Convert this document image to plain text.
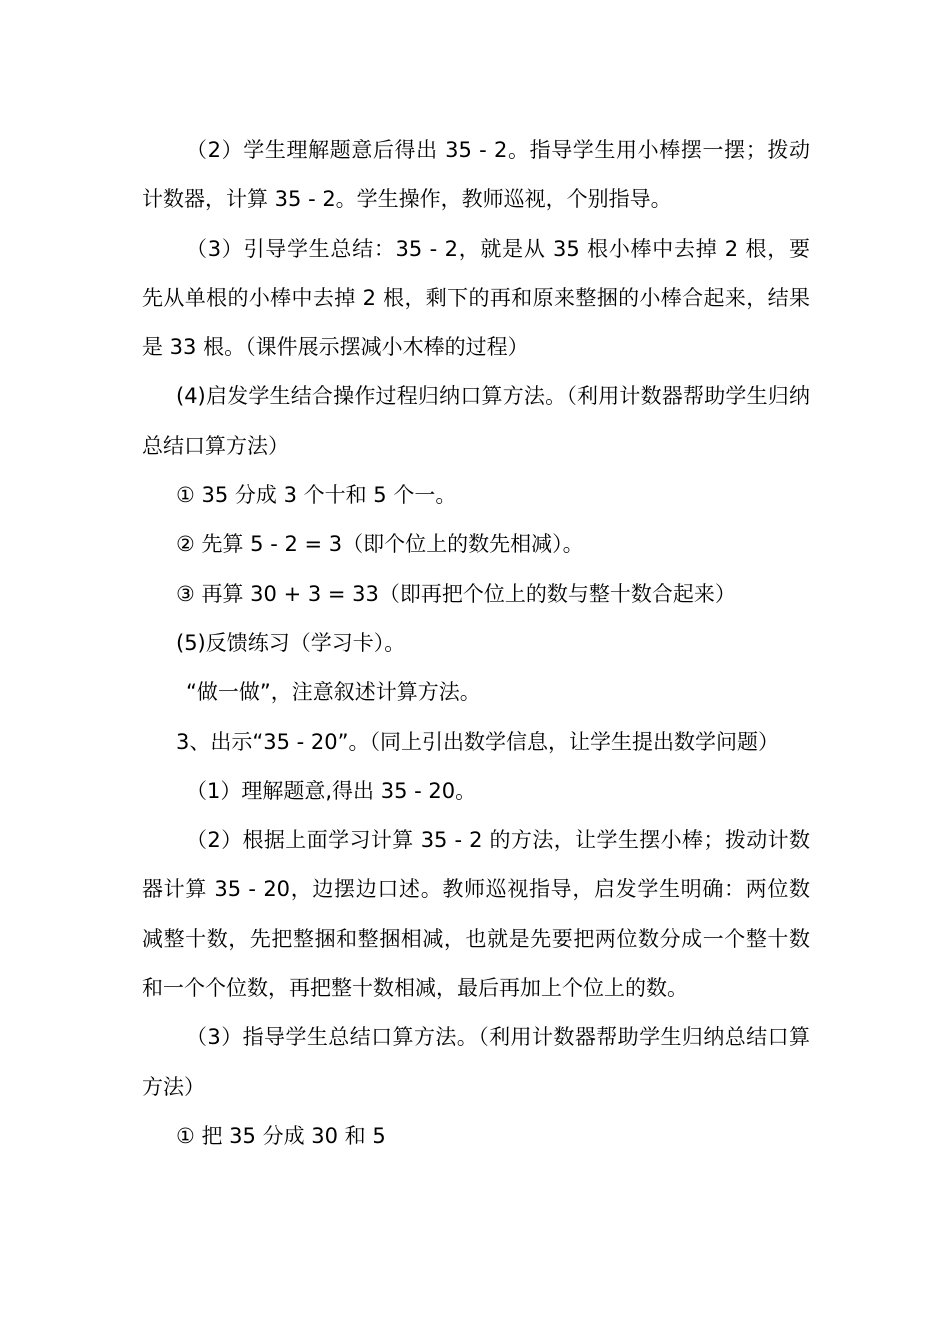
（2）学生理解题意后得出 35 - 2。指导学生用小棒摆一摆；拨动计数器，计算 35 - 2。学生操作，教师巡视，个别指导。

（3）引导学生总结：35 - 2，就是从 35 根小棒中去掉 2 根，要先从单根的小棒中去掉 2 根，剩下的再和原来整捆的小棒合起来，结果是 33 根。（课件展示摆减小木棒的过程）

(4)启发学生结合操作过程归纳口算方法。（利用计数器帮助学生归纳总结口算方法）

① 35 分成 3 个十和 5 个一。

② 先算 5 - 2 = 3（即个位上的数先相减）。

③ 再算 30 + 3 = 33（即再把个位上的数与整十数合起来）

(5)反馈练习（学习卡）。

“做一做”，注意叙述计算方法。

3、出示“35 - 20”。（同上引出数学信息，让学生提出数学问题）

（1）理解题意,得出 35 - 20。

（2）根据上面学习计算 35 - 2 的方法，让学生摆小棒；拨动计数器计算 35 - 20，边摆边口述。教师巡视指导，启发学生明确：两位数减整十数，先把整捆和整捆相减，也就是先要把两位数分成一个整十数和一个个位数，再把整十数相减，最后再加上个位上的数。

（3）指导学生总结口算方法。（利用计数器帮助学生归纳总结口算方法）

① 把 35 分成 30 和 5
